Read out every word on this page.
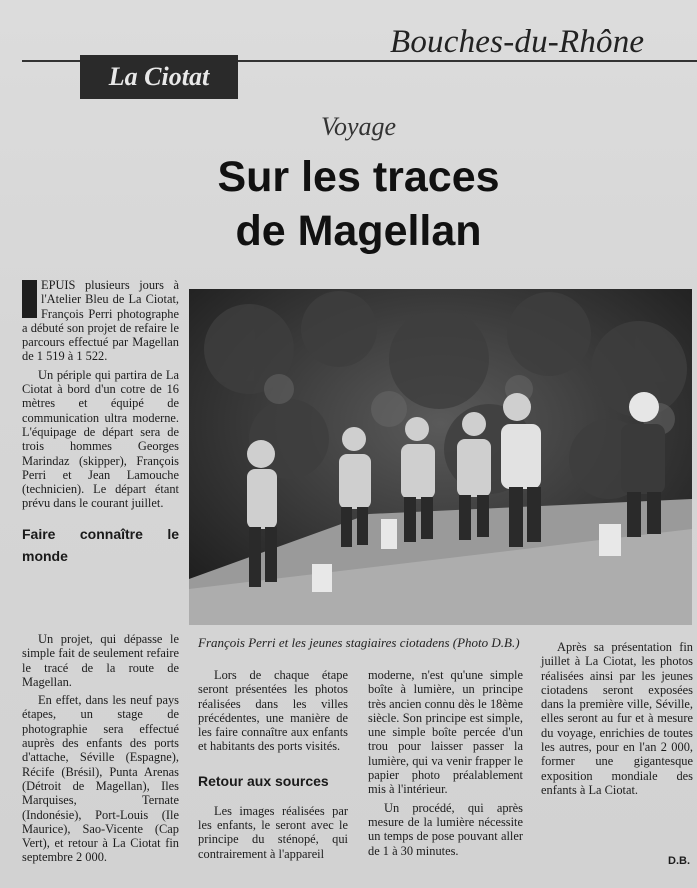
Bouches-du-Rhône
La Ciotat
Voyage
Sur les traces
de Magellan

EPUIS plusieurs jours à l'Atelier Bleu de La Ciotat, François Perri photographe a débuté son projet de refaire le parcours effectué par Magellan de 1 519 à 1 522.

Un périple qui partira de La Ciotat à bord d'un cotre de 16 mètres et équipé de communication ultra moderne. L'équipage de départ sera de trois hommes Georges Marindaz (skipper), François Perri et Jean Lamouche (technicien). Le départ étant prévu dans le courant juillet.

Faire connaître le monde

Un projet, qui dépasse le simple fait de seulement refaire le tracé de la route de Magellan.

En effet, dans les neuf pays étapes, un stage de photographie sera effectué auprès des enfants des ports d'attache, Séville (Espagne), Récife (Brésil), Punta Arenas (Détroit de Magellan), Iles Marquises, Ternate (Indonésie), Port-Louis (Ile Maurice), Sao-Vicente (Cap Vert), et retour à La Ciotat fin septembre 2 000.

François Perri et les jeunes stagiaires ciotadens (Photo D.B.)

Lors de chaque étape seront présentées les photos réalisées dans les villes précédentes, une manière de les faire connaître aux enfants et habitants des ports visités.

Retour aux sources

Les images réalisées par les enfants, le seront avec le principe du sténopé, qui contrairement à l'appareil

moderne, n'est qu'une simple boîte à lumière, un principe très ancien connu dès le 18ème siècle. Son principe est simple, une simple boîte percée d'un trou pour laisser passer la lumière, qui va venir frapper le papier photo préalablement mis à l'intérieur.

Un procédé, qui après mesure de la lumière nécessite un temps de pose pouvant aller de 1 à 30 minutes.

Après sa présentation fin juillet à La Ciotat, les photos réalisées ainsi par les jeunes ciotadens seront exposées dans la première ville, Séville, elles seront au fur et à mesure du voyage, enrichies de toutes les autres, pour en l'an 2 000, former une gigantesque exposition mondiale des enfants à La Ciotat.

D.B.
